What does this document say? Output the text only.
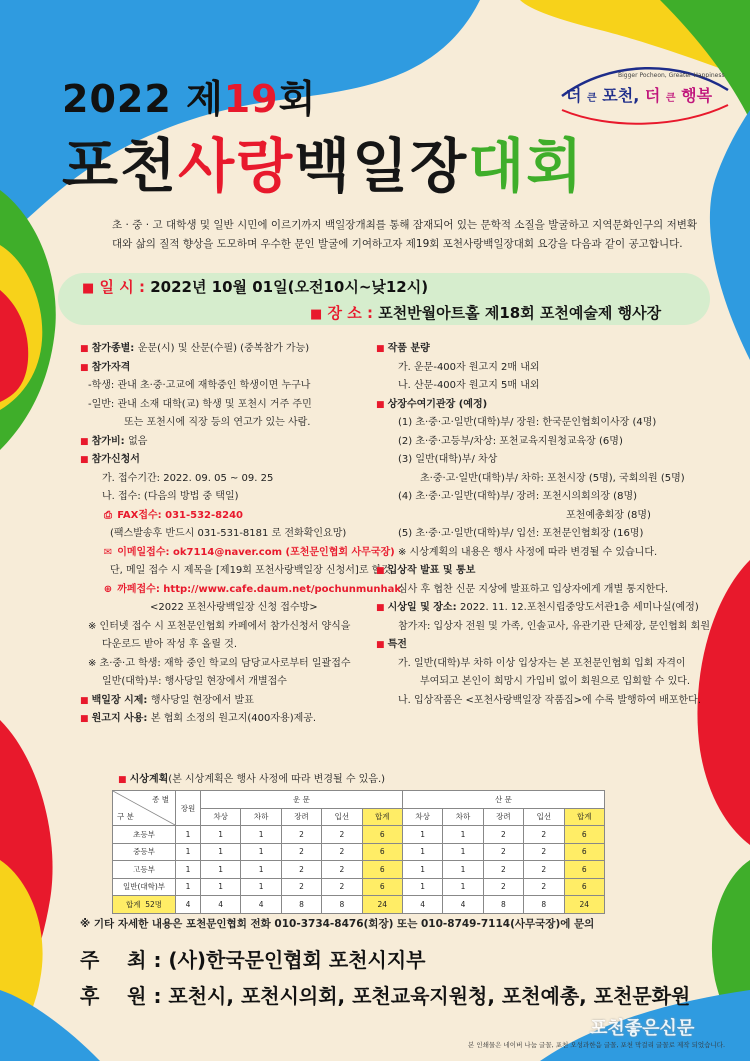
2022 제19회
포천사랑백일장대회
Bigger Pocheon, Greater Happiness
더 큰 포천, 더 큰 행복
초 · 중 · 고 대학생 및 일반 시민에 이르기까지 백일장개최를 통해 잠재되어 있는 문학적 소질을 발굴하고 지역문화인구의 저변확대와 삶의 질적 향상을 도모하며 우수한 문인 발굴에 기여하고자 제19회 포천사랑백일장대회 요강을 다음과 같이 공고합니다.
■ 일 시 : 2022년 10월 01일(오전10시~낮12시)
■ 장 소 : 포천반월아트홀 제18회 포천예술제 행사장

■ 참가종별: 운문(시) 및 산문(수필) (중복참가 가능)

■ 참가자격

-학생: 관내 초·중·고교에 재학중인 학생이면 누구나

-일반: 관내 소재 대학(교) 학생 및 포천시 거주 주민

또는 포천시에 직장 등의 연고가 있는 사람.

■ 참가비: 없음

■ 참가신청서

가. 접수기간: 2022. 09. 05 ~ 09. 25

나. 접수: (다음의 방법 중 택일)

⎙ FAX접수: 031-532-8240

(팩스발송후 반드시 031-531-8181 로 전화확인요망)

✉ 이메일접수: ok7114@naver.com (포천문인협회 사무국장)

단, 메일 접수 시 제목을 [제19회 포천사랑백일장 신청서]로 할것

⊕ 까페접수: http://www.cafe.daum.net/pochunmunhak

<2022 포천사랑백일장 신청 접수방>

※ 인터넷 접수 시 포천문인협회 카페에서 참가신청서 양식을

다운로드 받아 작성 후 올릴 것.

※ 초·중·고 학생: 재학 중인 학교의 담당교사로부터 일괄접수

일반(대학)부: 행사당일 현장에서 개별접수

■ 백일장 시제: 행사당일 현장에서 발표

■ 원고지 사용: 본 협회 소정의 원고지(400자용)제공.

■ 작품 분량

가. 운문-400자 원고지 2매 내외

나. 산문-400자 원고지 5매 내외

■ 상장수여기관장 (예정)

(1) 초·중·고·일반(대학)부/ 장원: 한국문인협회이사장 (4명)

(2) 초·중·고등부/차상: 포천교육지원청교육장 (6명)

(3) 일반(대학)부/ 차상

초·중·고·일반(대학)부/ 차하: 포천시장 (5명), 국회의원 (5명)

(4) 초·중·고·일반(대학)부/ 장려: 포천시의회의장 (8명)

포천예총회장 (8명)

(5) 초·중·고·일반(대학)부/ 입선: 포천문인협회장 (16명)

※ 시상계획의 내용은 행사 사정에 따라 변경될 수 있습니다.

■ 입상작 발표 및 통보

심사 후 협찬 신문 지상에 발표하고 입상자에게 개별 통지한다.

■ 시상일 및 장소: 2022. 11. 12.포천시립중앙도서관1층 세미나실(예정)

참가자: 입상자 전원 및 가족, 인솔교사, 유관기관 단체장, 문인협회 회원

■ 특전

가. 일반(대학)부 차하 이상 입상자는 본 포천문인협회 입회 자격이

부여되고 본인이 희망시 가입비 없이 회원으로 입회할 수 있다.

나. 입상작품은 <포천사랑백일장 작품집>에 수록 발행하여 배포한다.

■ 시상계획(본 시상계획은 행사 사정에 따라 변경될 수 있음.)
종 별
구 분	장원	운 문					산 문				
		차상	차하	장려	입선	합계	차상	차하	장려	입선	합계
초등부	1	1	1	2	2	6	1	1	2	2	6
중등부	1	1	1	2	2	6	1	1	2	2	6
고등부	1	1	1	2	2	6	1	1	2	2	6
일반(대학)부	1	1	1	2	2	6	1	1	2	2	6
합계 52명	4	4	4	8	8	24	4	4	8	8	24
※ 기타 자세한 내용은 포천문인협회 전화 010-3734-8476(회장) 또는 010-8749-7114(사무국장)에 문의
주    최 : (사)한국문인협회 포천시지부
후    원 : 포천시, 포천시의회, 포천교육지원청, 포천예총, 포천문화원
포천좋은신문
본 인쇄물은 네이버 나눔 글꼴, 포천 오성과한음 글꼴, 포천 막걸리 글꼴로 제작 되었습니다.
